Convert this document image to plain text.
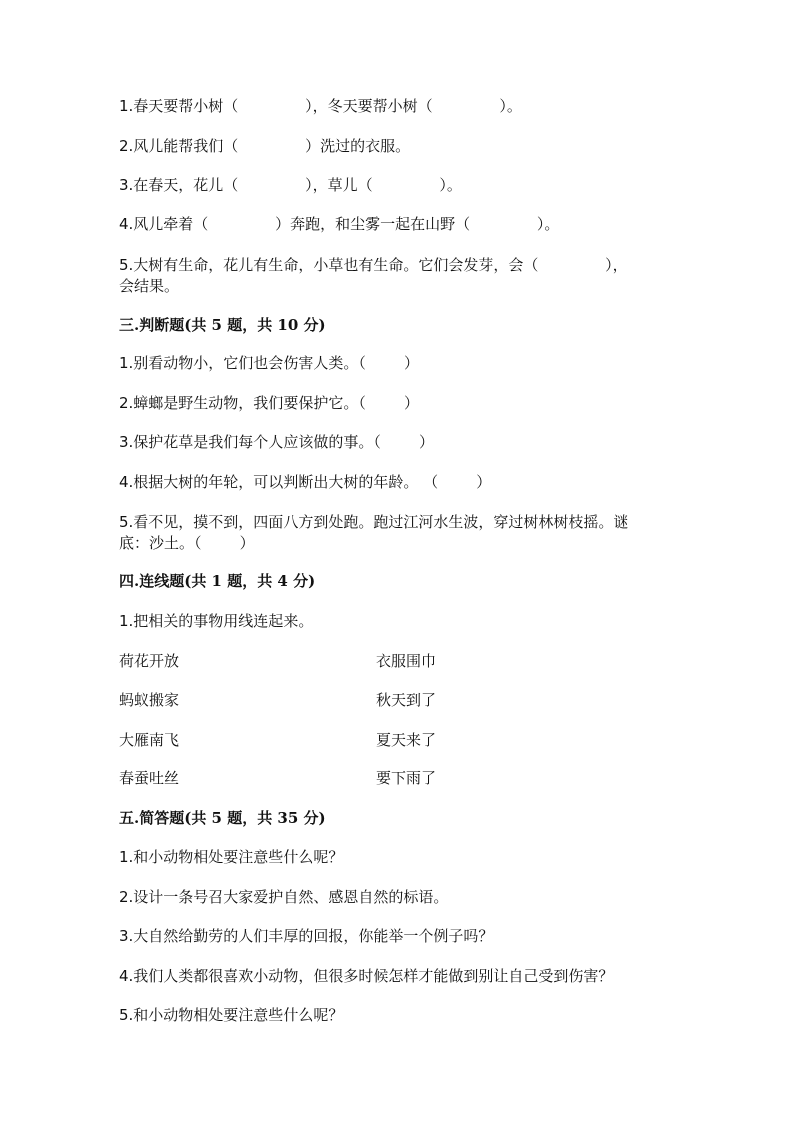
1.春天要帮小树（              ），冬天要帮小树（              ）。

2.风儿能帮我们（              ）洗过的衣服。

3.在春天，花儿（              ），草儿（              ）。

4.风儿牵着（              ）奔跑，和尘雾一起在山野（              ）。

5.大树有生命，花儿有生命，小草也有生命。它们会发芽，会（              ），

会结果。

三.判断题(共 5 题，共 10 分)

1.别看动物小，它们也会伤害人类。（        ）

2.蟑螂是野生动物，我们要保护它。（        ）

3.保护花草是我们每个人应该做的事。（        ）

4.根据大树的年轮，可以判断出大树的年龄。 （        ）

5.看不见，摸不到，四面八方到处跑。跑过江河水生波，穿过树林树枝摇。谜

底：沙土。（        ）

四.连线题(共 1 题，共 4 分)

1.把相关的事物用线连起来。

荷花开放	衣服围巾

蚂蚁搬家	秋天到了

大雁南飞	夏天来了

春蚕吐丝	要下雨了

五.简答题(共 5 题，共 35 分)

1.和小动物相处要注意些什么呢？

2.设计一条号召大家爱护自然、感恩自然的标语。

3.大自然给勤劳的人们丰厚的回报，你能举一个例子吗？

4.我们人类都很喜欢小动物，但很多时候怎样才能做到别让自己受到伤害？

5.和小动物相处要注意些什么呢？
